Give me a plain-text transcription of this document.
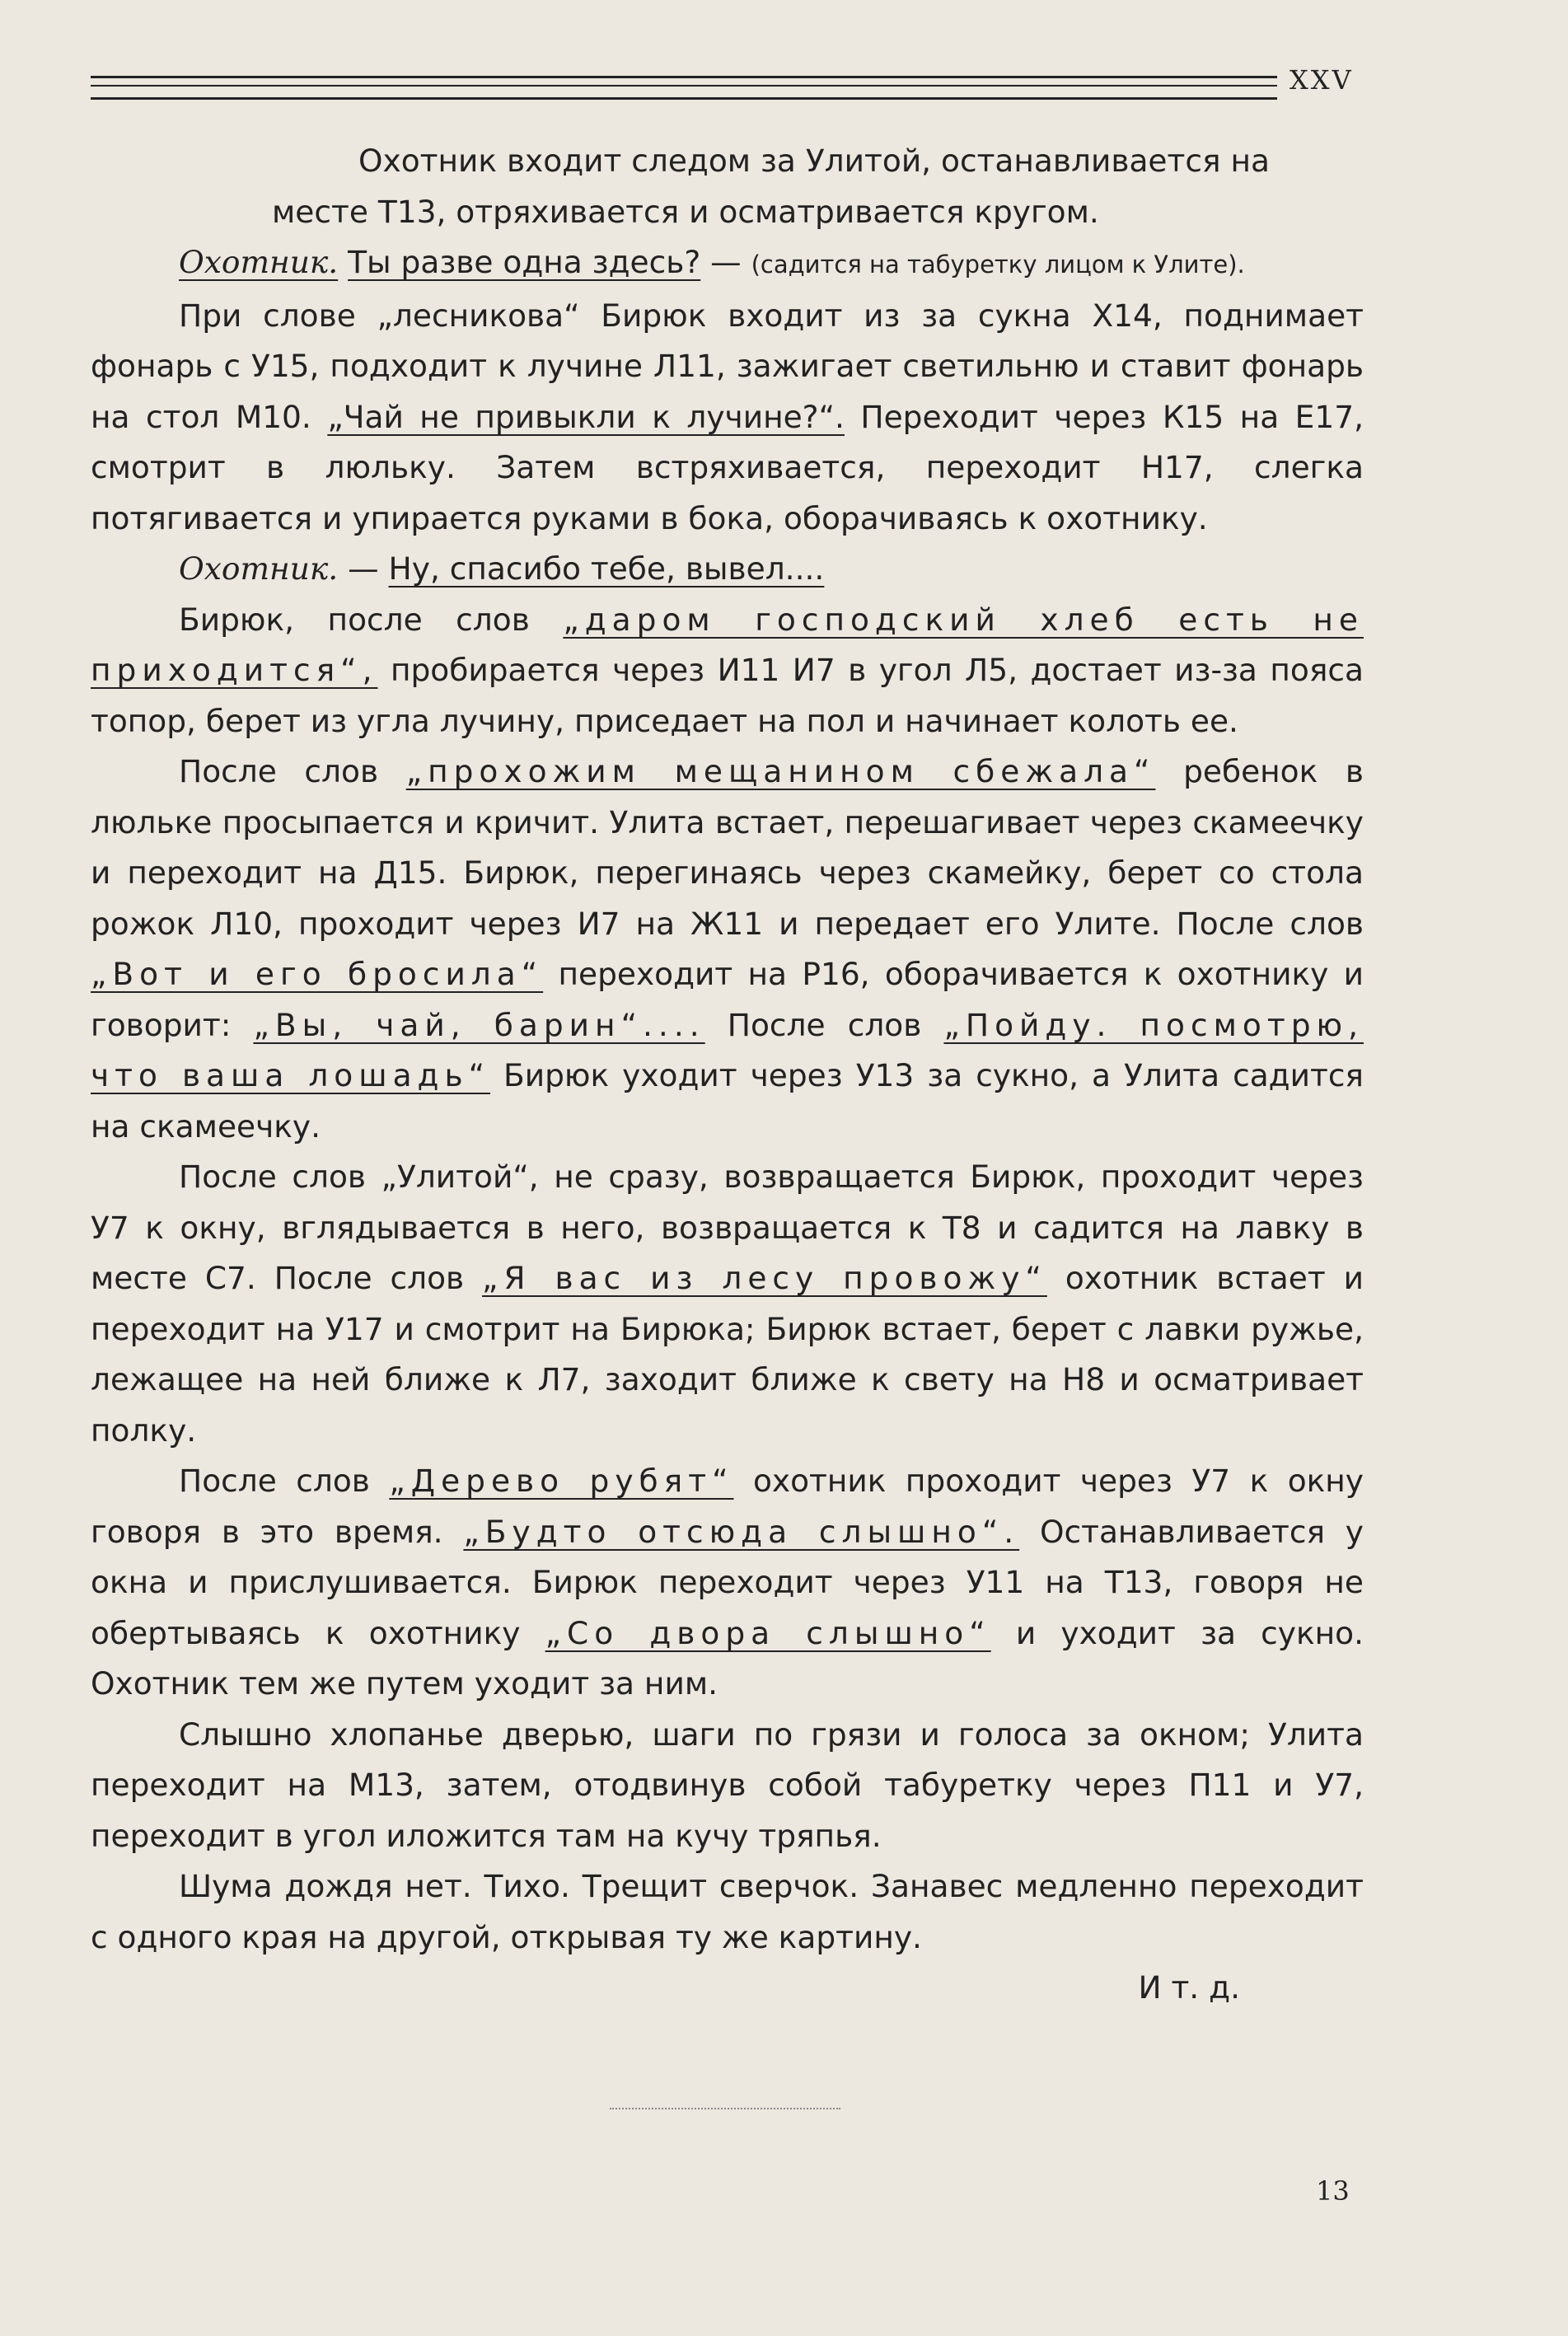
XXV

Охотник входит следом за Улитой, останавливается на

месте Т13, отряхивается и осматривается кругом.

Охотник. Ты разве одна здесь? — (садится на табуретку лицом к Улите).

При слове „лесникова“ Бирюк входит из за сукна Х14, поднимает фонарь с У15, подходит к лучине Л11, зажигает светильню и ставит фонарь на стол М10. „Чай не привыкли к лучине?“. Переходит через К15 на Е17, смотрит в люльку. Затем встряхивается, переходит Н17, слегка потягивается и упирается руками в бока, оборачиваясь к охотнику.

Охотник. — Ну, спасибо тебе, вывел....

Бирюк, после слов „даром господский хлеб есть не приходится“, пробирается через И11 И7 в угол Л5, достает из-за пояса топор, берет из угла лучину, приседает на пол и начинает колоть ее.

После слов „прохожим мещанином сбежала“ ребенок в люльке просыпается и кричит. Улита встает, перешагивает через скамеечку и переходит на Д15. Бирюк, перегинаясь через скамейку, берет со стола рожок Л10, проходит через И7 на Ж11 и передает его Улите. После слов „Вот и его бросила“ переходит на Р16, оборачивается к охотнику и говорит: „Вы, чай, барин“.... После слов „Пойду. посмотрю, что ваша лошадь“ Бирюк уходит через У13 за сукно, а Улита садится на скамеечку.

После слов „Улитой“, не сразу, возвращается Бирюк, проходит через У7 к окну, вглядывается в него, возвращается к Т8 и садится на лавку в месте С7. После слов „Я вас из лесу провожу“ охотник встает и переходит на У17 и смотрит на Бирюка; Бирюк встает, берет с лавки ружье, лежащее на ней ближе к Л7, заходит ближе к свету на Н8 и осматривает полку.

После слов „Дерево рубят“ охотник проходит через У7 к окну говоря в это время. „Будто отсюда слышно“. Останавливается у окна и прислушивается. Бирюк переходит через У11 на Т13, говоря не обертываясь к охотнику „Со двора слышно“ и уходит за сукно. Охотник тем же путем уходит за ним.

Слышно хлопанье дверью, шаги по грязи и голоса за окном; Улита переходит на М13, затем, отодвинув собой табуретку через П11 и У7, переходит в угол иложится там на кучу тряпья.

Шума дождя нет. Тихо. Трещит сверчок. Занавес медленно переходит с одного края на другой, открывая ту же картину.

И т. д.

13
